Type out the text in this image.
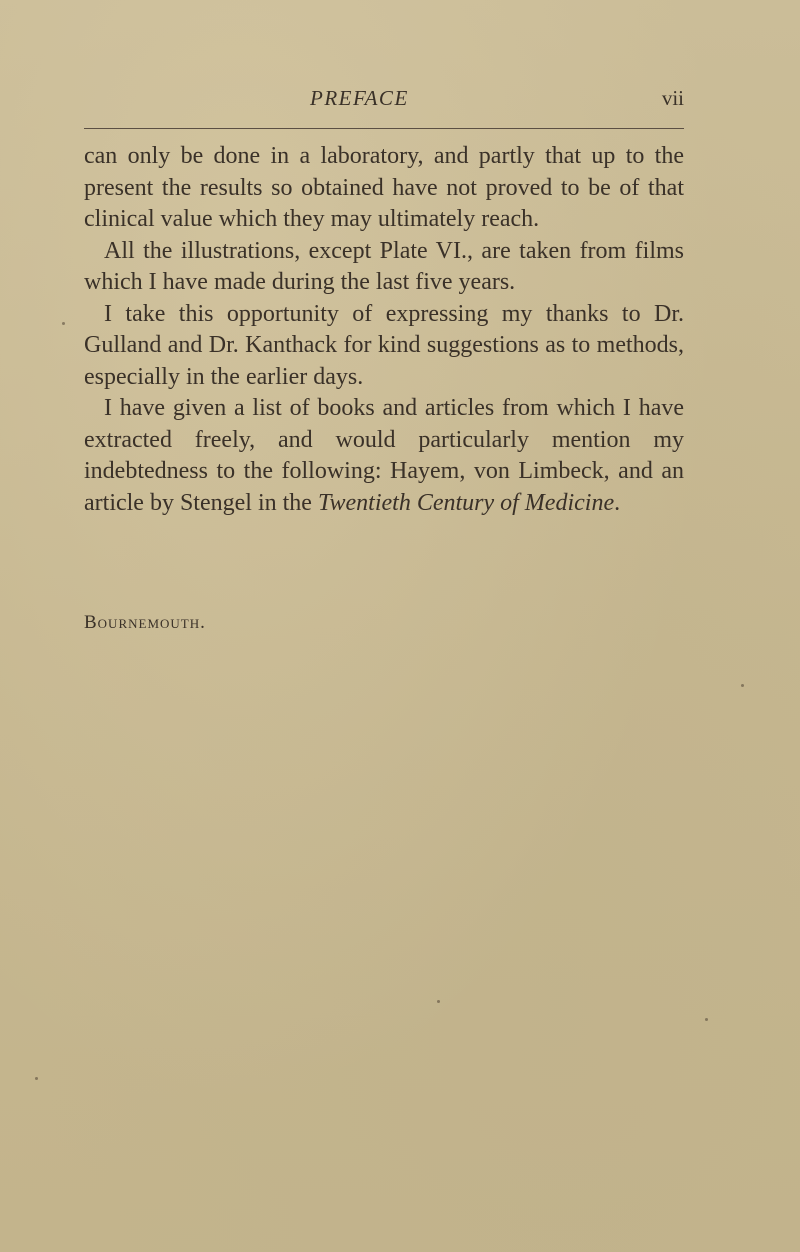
PREFACE	vii

can only be done in a laboratory, and partly that up to the present the results so obtained have not proved to be of that clinical value which they may ultimately reach.

All the illustrations, except Plate VI., are taken from films which I have made during the last five years.

I take this opportunity of expressing my thanks to Dr. Gulland and Dr. Kanthack for kind suggestions as to methods, especially in the earlier days.

I have given a list of books and articles from which I have extracted freely, and would particularly mention my indebtedness to the following: Hayem, von Limbeck, and an article by Stengel in the Twentieth Century of Medicine.

Bournemouth.
